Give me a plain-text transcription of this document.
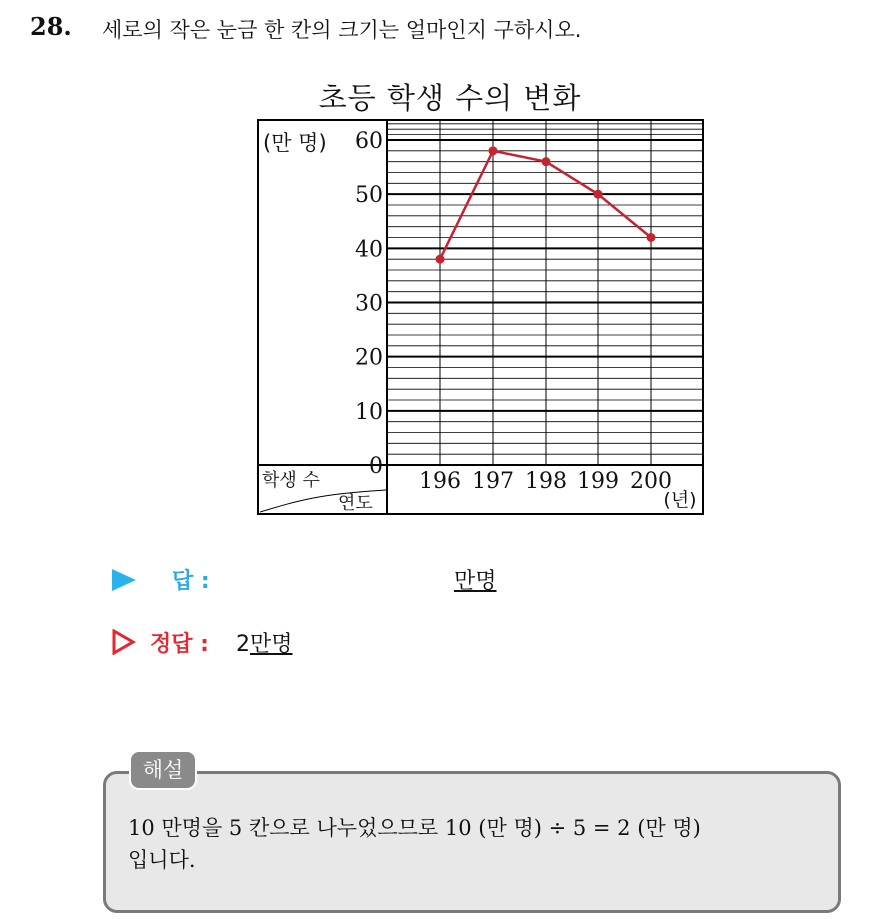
28. 세로의 작은 눈금 한 칸의 크기는 얼마인지 구하시오.
초등 학생 수의 변화
0
10
20
30
40
50
60
(만 명)
196 197 198 199 200
(년)
학생 수
연도
답 :	만명
정답 : 2만명
해설
10 만명을 5 칸으로 나누었으므로 10 (만 명) ÷ 5 = 2 (만 명)
입니다.
